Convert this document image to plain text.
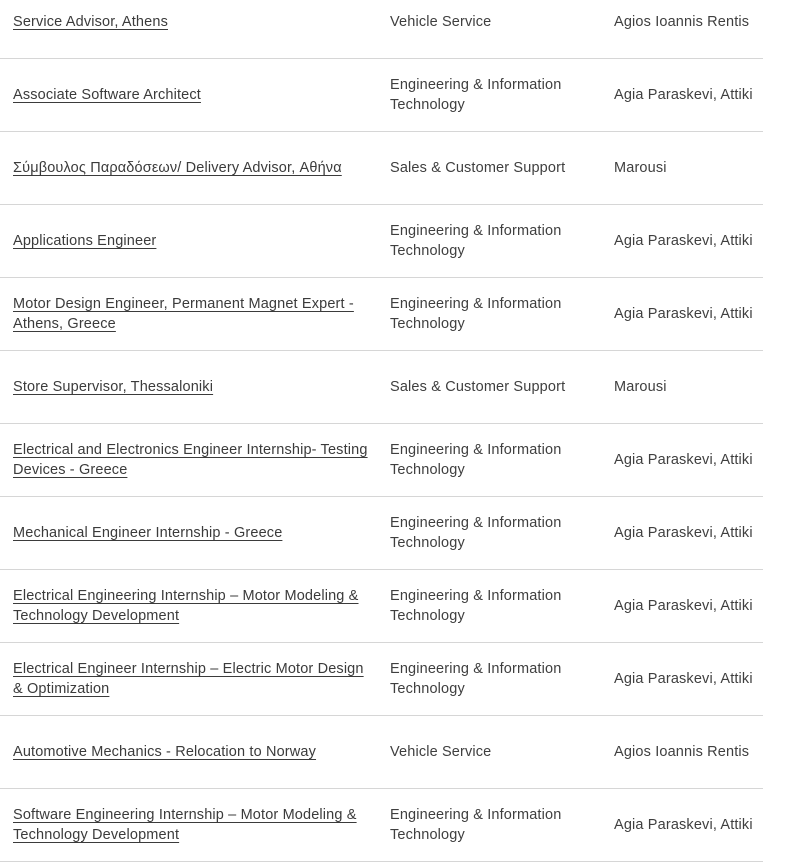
Service Advisor, Athens	Vehicle Service	Agios Ioannis Rentis
Associate Software Architect	Engineering & Information Technology	Agia Paraskevi, Attiki
Σύμβουλος Παραδόσεων/ Delivery Advisor, Αθήνα	Sales & Customer Support	Marousi
Applications Engineer	Engineering & Information Technology	Agia Paraskevi, Attiki
Motor Design Engineer, Permanent Magnet Expert - Athens, Greece	Engineering & Information Technology	Agia Paraskevi, Attiki
Store Supervisor, Thessaloniki	Sales & Customer Support	Marousi
Electrical and Electronics Engineer Internship- Testing Devices - Greece	Engineering & Information Technology	Agia Paraskevi, Attiki
Mechanical Engineer Internship - Greece	Engineering & Information Technology	Agia Paraskevi, Attiki
Electrical Engineering Internship – Motor Modeling & Technology Development	Engineering & Information Technology	Agia Paraskevi, Attiki
Electrical Engineer Internship – Electric Motor Design & Optimization	Engineering & Information Technology	Agia Paraskevi, Attiki
Automotive Mechanics - Relocation to Norway	Vehicle Service	Agios Ioannis Rentis
Software Engineering Internship – Motor Modeling & Technology Development	Engineering & Information Technology	Agia Paraskevi, Attiki
